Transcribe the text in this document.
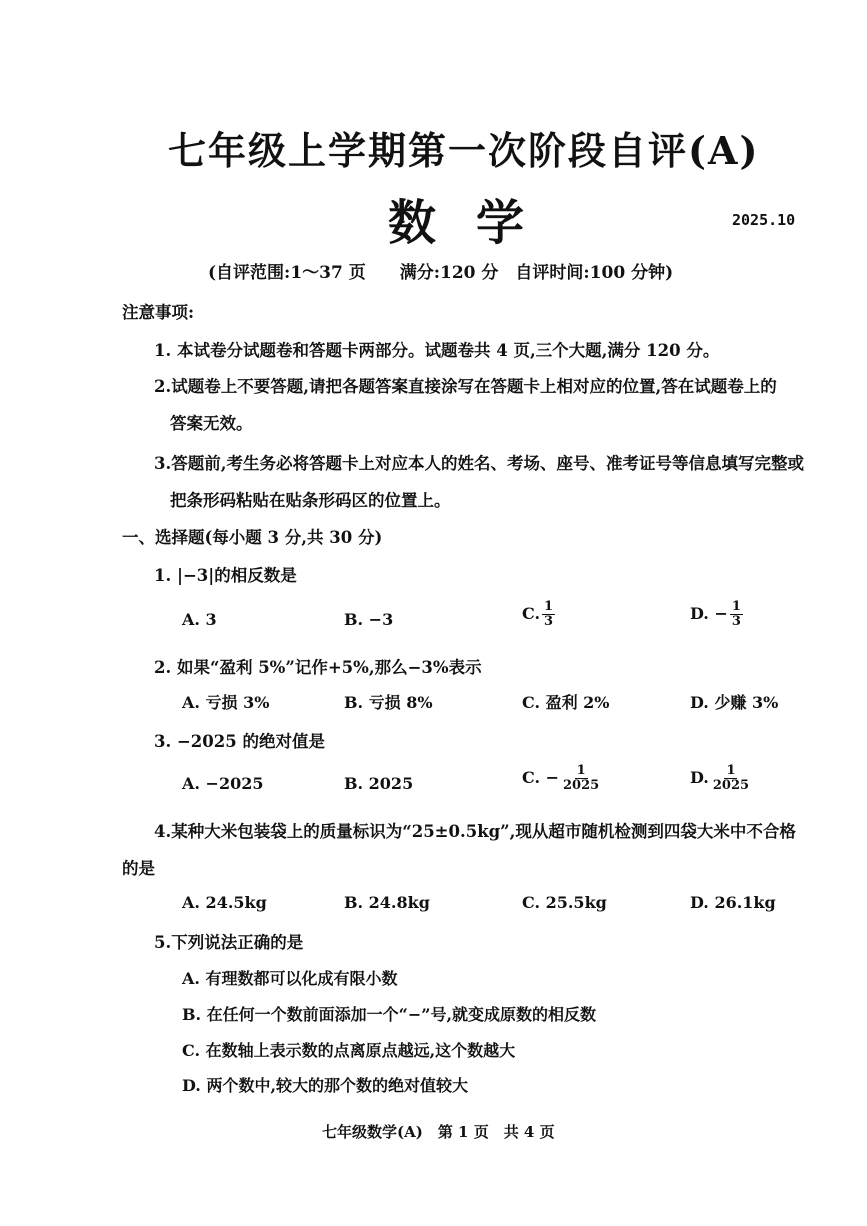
七年级上学期第一次阶段自评(A)
数学	2025.10
(自评范围:1～37 页　　满分:120 分　自评时间:100 分钟)
注意事项:
1. 本试卷分试题卷和答题卡两部分。试题卷共 4 页,三个大题,满分 120 分。
2.试题卷上不要答题,请把各题答案直接涂写在答题卡上相对应的位置,答在试题卷上的
答案无效。
3.答题前,考生务必将答题卡上对应本人的姓名、考场、座号、准考证号等信息填写完整或
把条形码粘贴在贴条形码区的位置上。
一、选择题(每小题 3 分,共 30 分)
1. |−3|的相反数是
A. 3	B. −3	C. $\frac{1}{3}$	D. − $\frac{1}{3}$
2. 如果“盈利 5%”记作+5%,那么−3%表示
A. 亏损 3%	B. 亏损 8%	C. 盈利 2%	D. 少赚 3%
3. −2025 的绝对值是
A. −2025	B. 2025	C. − $\frac{1}{2025}$	D. $\frac{1}{2025}$
4.某种大米包装袋上的质量标识为“25±0.5kg”,现从超市随机检测到四袋大米中不合格
的是
A. 24.5kg	B. 24.8kg	C. 25.5kg	D. 26.1kg
5.下列说法正确的是
A. 有理数都可以化成有限小数
B. 在任何一个数前面添加一个“−”号,就变成原数的相反数
C. 在数轴上表示数的点离原点越远,这个数越大
D. 两个数中,较大的那个数的绝对值较大
七年级数学(A)　第 1 页　共 4 页
